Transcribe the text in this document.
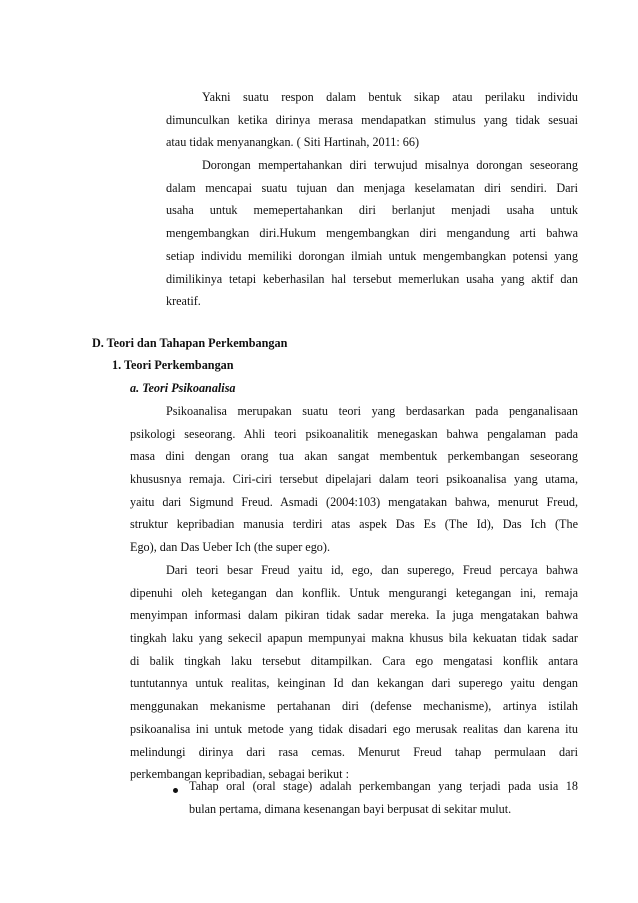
Yakni suatu respon dalam bentuk sikap atau perilaku individu
dimunculkan ketika dirinya merasa mendapatkan stimulus yang tidak sesuai
atau tidak menyanangkan. ( Siti Hartinah, 2011: 66)
Dorongan mempertahankan diri terwujud misalnya dorongan seseorang
dalam mencapai suatu tujuan dan menjaga keselamatan diri sendiri. Dari
usaha untuk memepertahankan diri berlanjut menjadi usaha untuk
mengembangkan diri.Hukum mengembangkan diri mengandung arti bahwa
setiap individu memiliki dorongan ilmiah untuk mengembangkan potensi yang
dimilikinya tetapi keberhasilan hal tersebut memerlukan usaha yang aktif dan
kreatif.
D. Teori dan Tahapan Perkembangan
1. Teori Perkembangan
a. Teori Psikoanalisa
Psikoanalisa merupakan suatu teori yang berdasarkan pada penganalisaan
psikologi seseorang. Ahli teori psikoanalitik menegaskan bahwa pengalaman pada
masa dini dengan orang tua akan sangat membentuk perkembangan seseorang
khususnya remaja. Ciri-ciri tersebut dipelajari dalam teori psikoanalisa yang utama,
yaitu dari Sigmund Freud. Asmadi (2004:103) mengatakan bahwa, menurut Freud,
struktur kepribadian manusia terdiri atas aspek Das Es (The Id), Das Ich (The
Ego), dan Das Ueber Ich (the super ego).
Dari teori besar Freud yaitu id, ego, dan superego, Freud percaya bahwa
dipenuhi oleh ketegangan dan konflik. Untuk mengurangi ketegangan ini, remaja
menyimpan informasi dalam pikiran tidak sadar mereka. Ia juga mengatakan bahwa
tingkah laku yang sekecil apapun mempunyai makna khusus bila kekuatan tidak sadar
di balik tingkah laku tersebut ditampilkan. Cara ego mengatasi konflik antara
tuntutannya untuk realitas, keinginan Id dan kekangan dari superego yaitu dengan
menggunakan mekanisme pertahanan diri (defense mechanisme), artinya istilah
psikoanalisa ini untuk metode yang tidak disadari ego merusak realitas dan karena itu
melindungi dirinya dari rasa cemas. Menurut Freud tahap permulaan dari
perkembangan kepribadian, sebagai berikut :
Tahap oral (oral stage) adalah perkembangan yang terjadi pada usia 18
bulan pertama, dimana kesenangan bayi berpusat di sekitar mulut.
